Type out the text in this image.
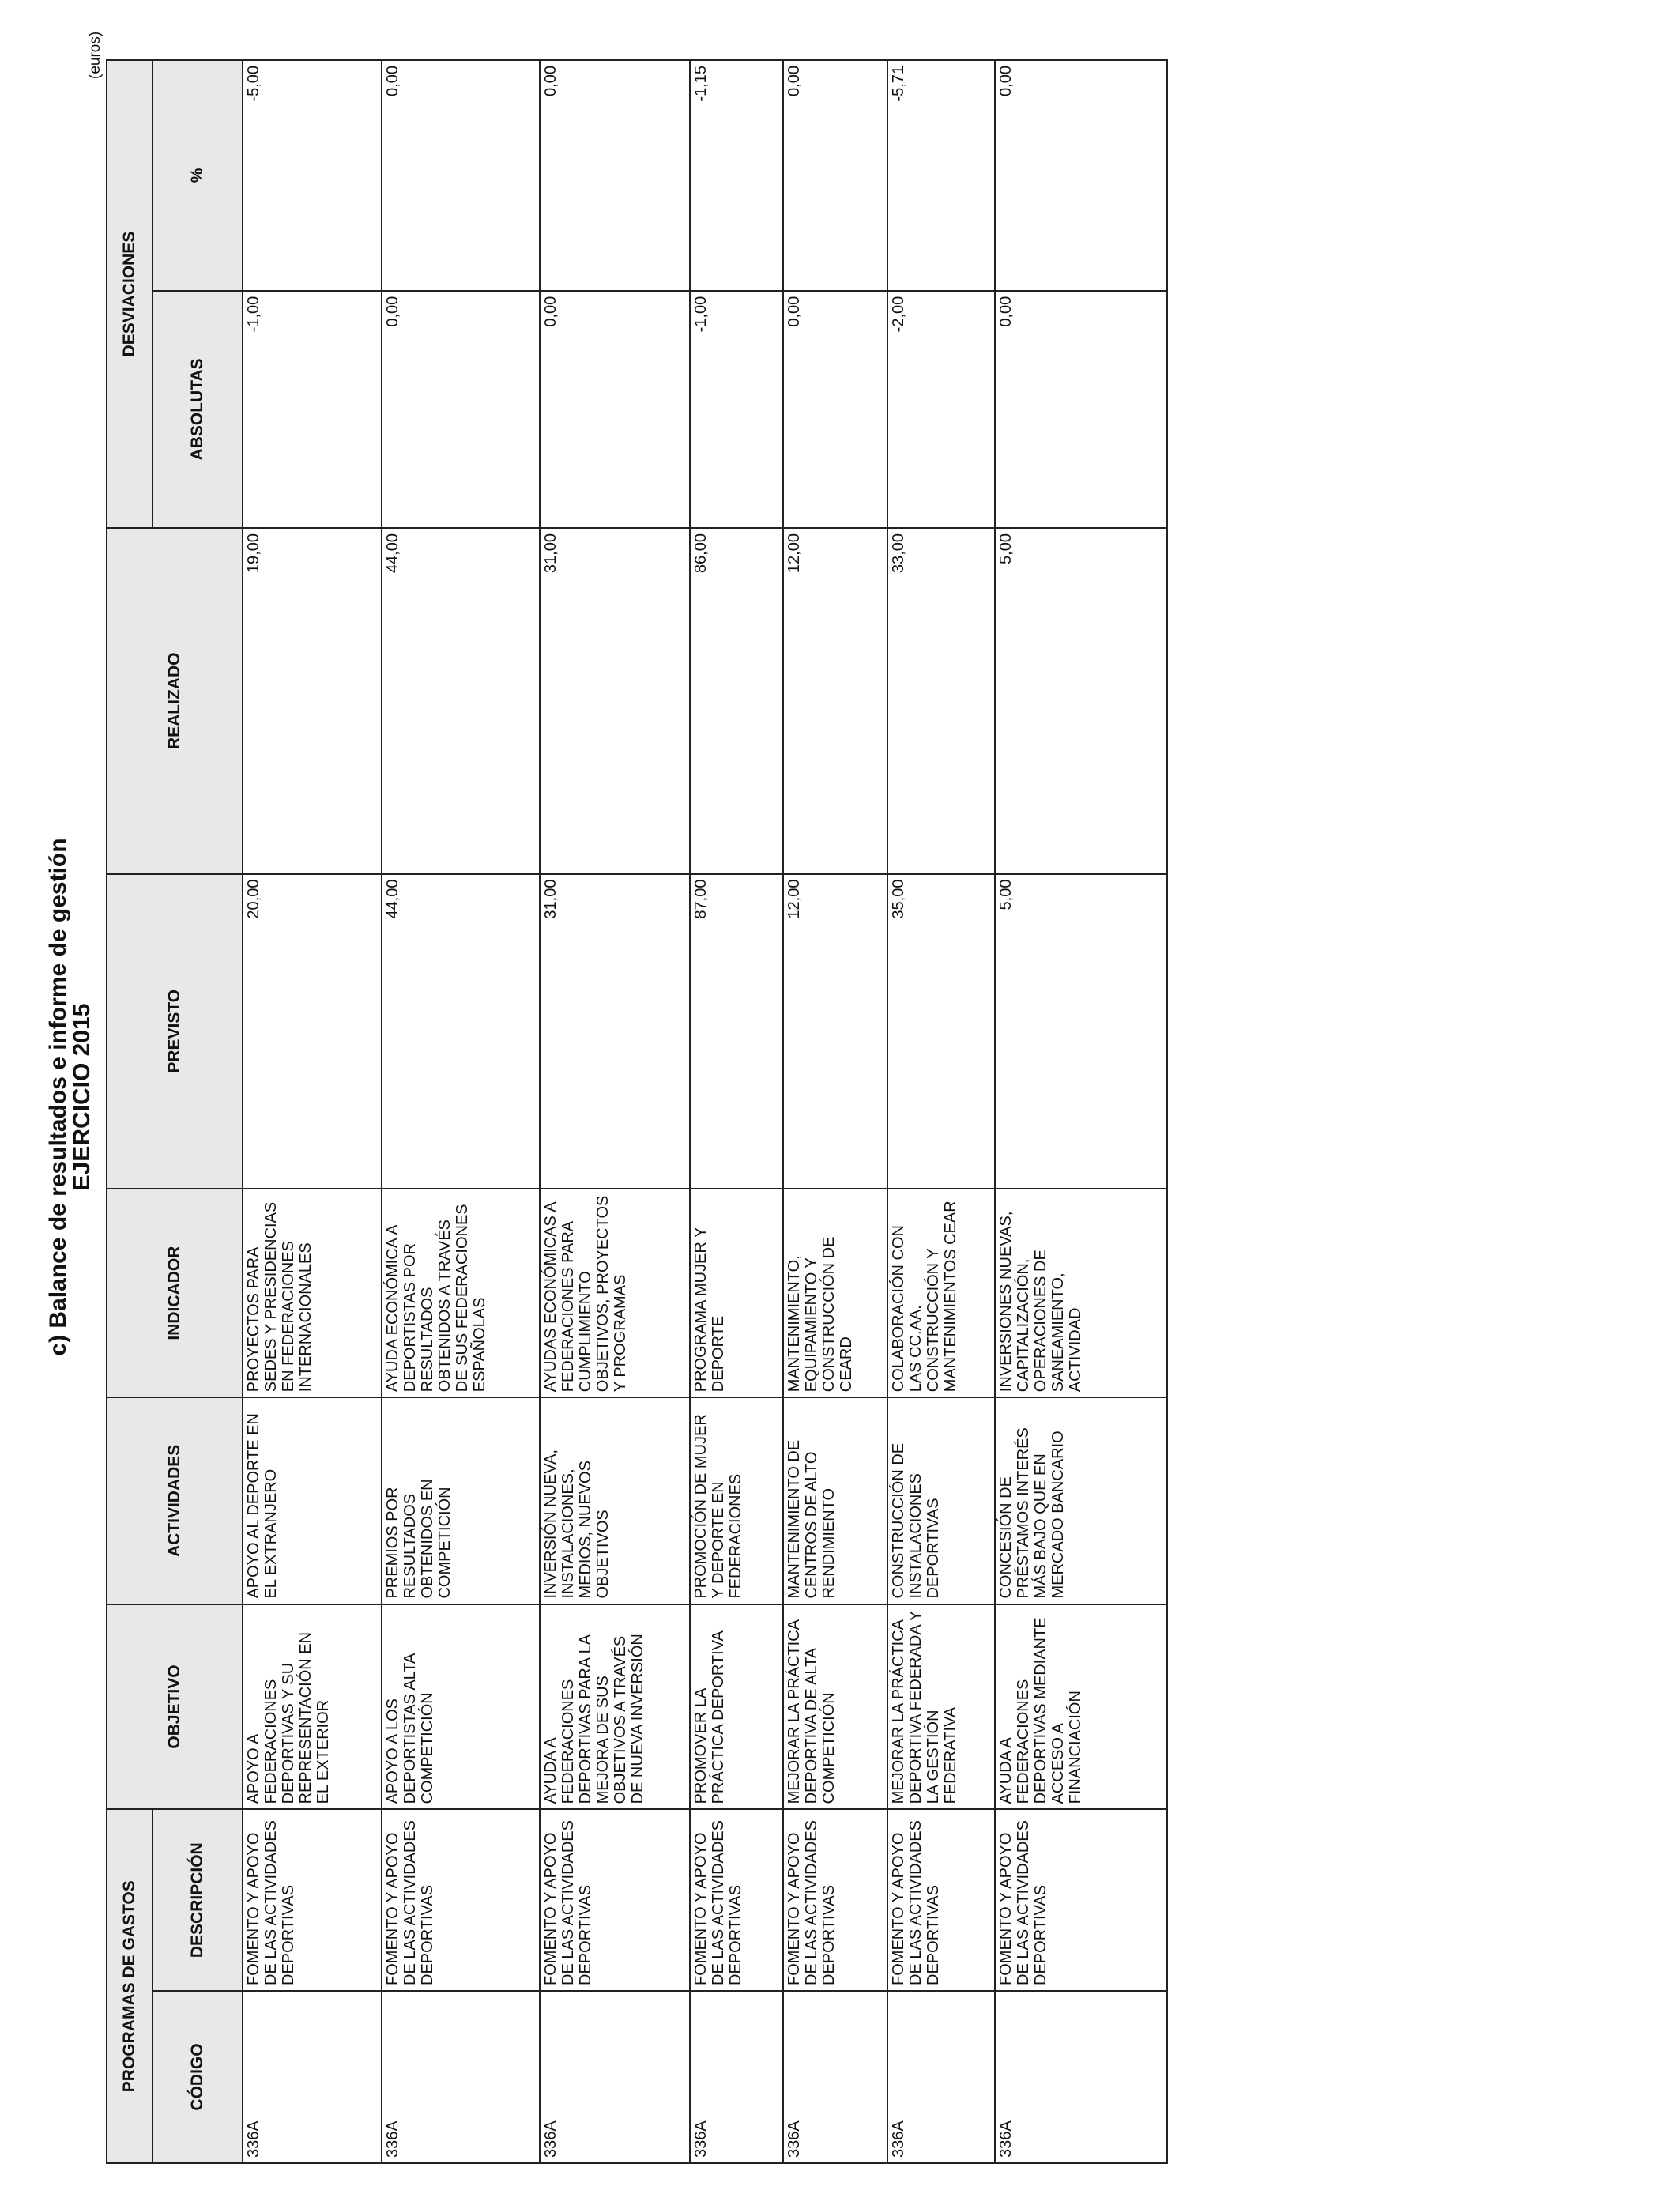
c) Balance de resultados e informe de gestión
EJERCICIO 2015
(euros)
PROGRAMAS DE GASTOS		OBJETIVO	ACTIVIDADES	INDICADOR	PREVISTO	REALIZADO	DESVIACIONES	
CÓDIGO	DESCRIPCIÓN						ABSOLUTAS	%
336A	FOMENTO Y APOYO DE LAS ACTIVIDADES DEPORTIVAS	APOYO A FEDERACIONES DEPORTIVAS Y SU REPRESENTACIÓN EN EL EXTERIOR	APOYO AL DEPORTE EN EL EXTRANJERO	PROYECTOS PARA SEDES Y PRESIDENCIAS EN FEDERACIONES INTERNACIONALES	20,00	19,00	-1,00	-5,00
336A	FOMENTO Y APOYO DE LAS ACTIVIDADES DEPORTIVAS	APOYO A LOS DEPORTISTAS ALTA COMPETICIÓN	PREMIOS POR RESULTADOS OBTENIDOS EN COMPETICIÓN	AYUDA ECONÓMICA A DEPORTISTAS POR RESULTADOS OBTENIDOS A TRAVÉS DE SUS FEDERACIONES ESPAÑOLAS	44,00	44,00	0,00	0,00
336A	FOMENTO Y APOYO DE LAS ACTIVIDADES DEPORTIVAS	AYUDA A FEDERACIONES DEPORTIVAS PARA LA MEJORA DE SUS OBJETIVOS A TRAVÉS DE NUEVA INVERSIÓN	INVERSIÓN NUEVA, INSTALACIONES, MEDIOS, NUEVOS OBJETIVOS	AYUDAS ECONÓMICAS A FEDERACIONES PARA CUMPLIMIENTO OBJETIVOS, PROYECTOS Y PROGRAMAS	31,00	31,00	0,00	0,00
336A	FOMENTO Y APOYO DE LAS ACTIVIDADES DEPORTIVAS	PROMOVER LA PRÁCTICA DEPORTIVA	PROMOCIÓN DE MUJER Y DEPORTE EN FEDERACIONES	PROGRAMA MUJER Y DEPORTE	87,00	86,00	-1,00	-1,15
336A	FOMENTO Y APOYO DE LAS ACTIVIDADES DEPORTIVAS	MEJORAR LA PRÁCTICA DEPORTIVA DE ALTA COMPETICIÓN	MANTENIMIENTO DE CENTROS DE ALTO RENDIMIENTO	MANTENIMIENTO, EQUIPAMIENTO Y CONSTRUCCIÓN DE CEARD	12,00	12,00	0,00	0,00
336A	FOMENTO Y APOYO DE LAS ACTIVIDADES DEPORTIVAS	MEJORAR LA PRÁCTICA DEPORTIVA FEDERADA Y LA GESTIÓN FEDERATIVA	CONSTRUCCIÓN DE INSTALACIONES DEPORTIVAS	COLABORACIÓN CON LAS CC.AA. CONSTRUCCIÓN Y MANTENIMIENTOS CEAR	35,00	33,00	-2,00	-5,71
336A	FOMENTO Y APOYO DE LAS ACTIVIDADES DEPORTIVAS	AYUDA A FEDERACIONES DEPORTIVAS MEDIANTE ACCESO A FINANCIACIÓN	CONCESIÓN DE PRÉSTAMOS INTERÉS MÁS BAJO QUE EN MERCADO BANCARIO	INVERSIONES NUEVAS, CAPITALIZACIÓN, OPERACIONES DE SANEAMIENTO, ACTIVIDAD	5,00	5,00	0,00	0,00
